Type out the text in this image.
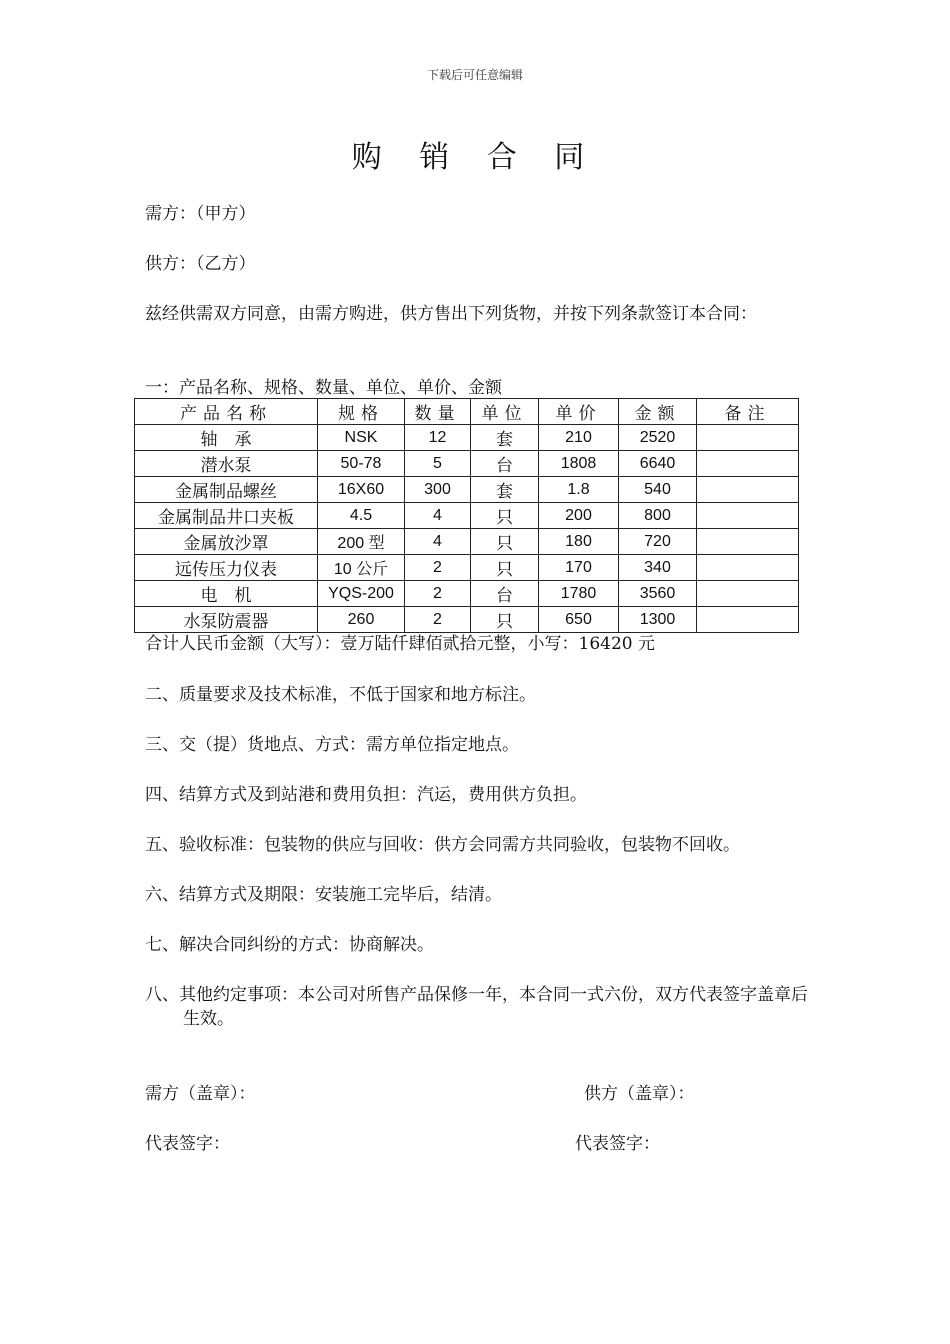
下载后可任意编辑
购 销 合 同
需方：（甲方）
供方：（乙方）
兹经供需双方同意，由需方购进，供方售出下列货物，并按下列条款签订本合同：
一：产品名称、规格、数量、单位、单价、金额
产品名称	规格	数量	单位	单价	金额	备注
轴　承	NSK	12	套	210	2520	
潜水泵	50-78	5	台	1808	6640	
金属制品螺丝	16X60	300	套	1.8	540	
金属制品井口夹板	4.5	4	只	200	800	
金属放沙罩	200 型	4	只	180	720	
远传压力仪表	10 公斤	2	只	170	340	
电　机	YQS-200	2	台	1780	3560	
水泵防震器	260	2	只	650	1300	
合计人民币金额（大写）：壹万陆仟肆佰贰拾元整，小写：16420 元
二、质量要求及技术标准，不低于国家和地方标注。
三、交（提）货地点、方式：需方单位指定地点。
四、结算方式及到站港和费用负担：汽运，费用供方负担。
五、验收标准：包装物的供应与回收：供方会同需方共同验收，包装物不回收。
六、结算方式及期限：安装施工完毕后，结清。
七、解决合同纠纷的方式：协商解决。
八、其他约定事项：本公司对所售产品保修一年，本合同一式六份，双方代表签字盖章后生效。
需方（盖章）：	供方（盖章）：
代表签字：	代表签字：
